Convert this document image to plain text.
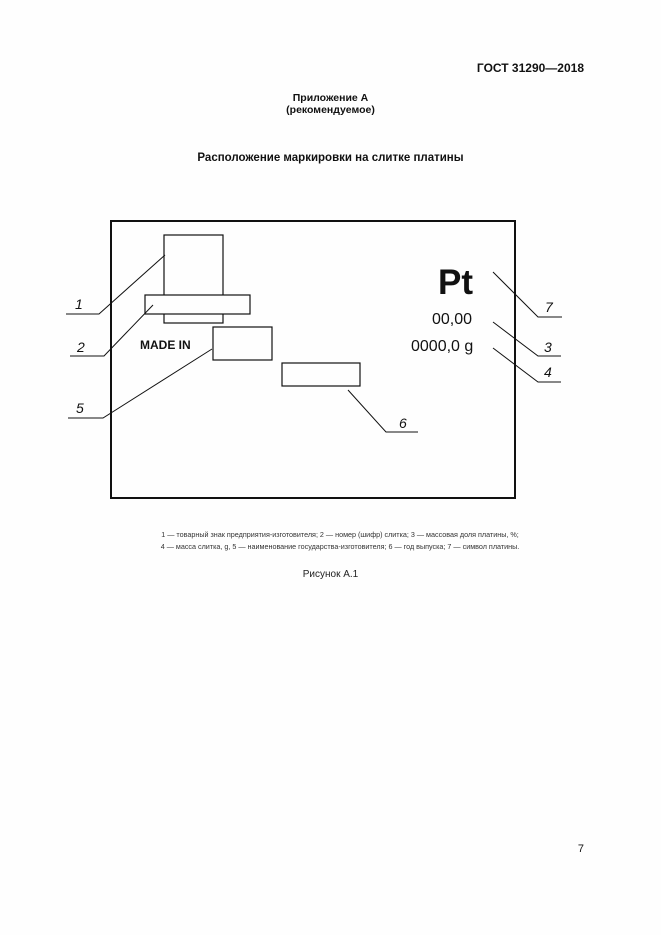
ГОСТ 31290—2018
Приложение А
(рекомендуемое)
Расположение маркировки на слитке платины
MADE IN
Pt
00,00
0000,0 g
1
2	3
4
5
6
7
1 — товарный знак предприятия-изготовителя; 2 — номер (шифр) слитка; 3 — массовая доля платины, %;
4 — масса слитка, g, 5 — наименование государства-изготовителя; 6 — год выпуска; 7 — символ платины.
Рисунок А.1
7
